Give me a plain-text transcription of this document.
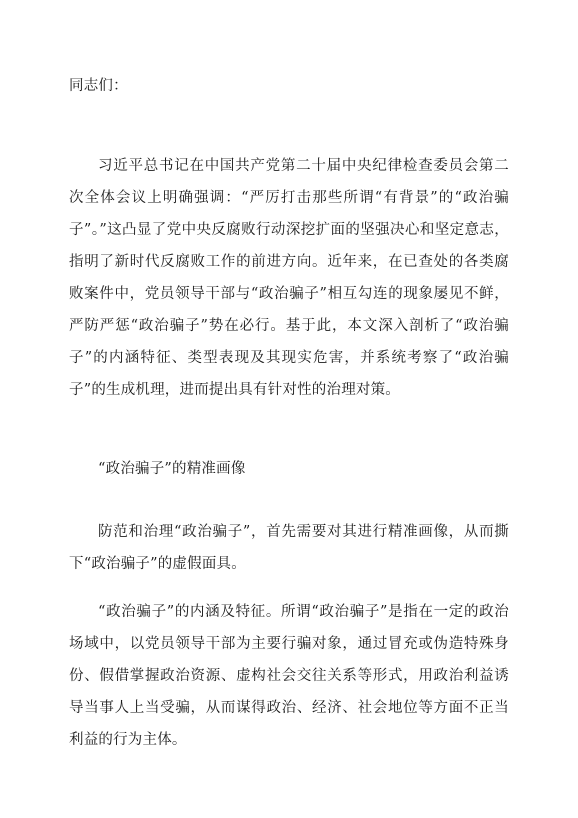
同志们：

习近平总书记在中国共产党第二十届中央纪律检查委员会第二次全体会议上明确强调：“严厉打击那些所谓“有背景”的“政治骗子”。”这凸显了党中央反腐败行动深挖扩面的坚强决心和坚定意志，指明了新时代反腐败工作的前进方向。近年来，在已查处的各类腐败案件中，党员领导干部与“政治骗子”相互勾连的现象屡见不鲜，严防严惩“政治骗子”势在必行。基于此，本文深入剖析了“政治骗子”的内涵特征、类型表现及其现实危害，并系统考察了“政治骗子”的生成机理，进而提出具有针对性的治理对策。

“政治骗子”的精准画像

防范和治理“政治骗子”，首先需要对其进行精准画像，从而撕下“政治骗子”的虚假面具。

“政治骗子”的内涵及特征。所谓“政治骗子”是指在一定的政治场域中，以党员领导干部为主要行骗对象，通过冒充或伪造特殊身份、假借掌握政治资源、虚构社会交往关系等形式，用政治利益诱导当事人上当受骗，从而谋得政治、经济、社会地位等方面不正当利益的行为主体。
